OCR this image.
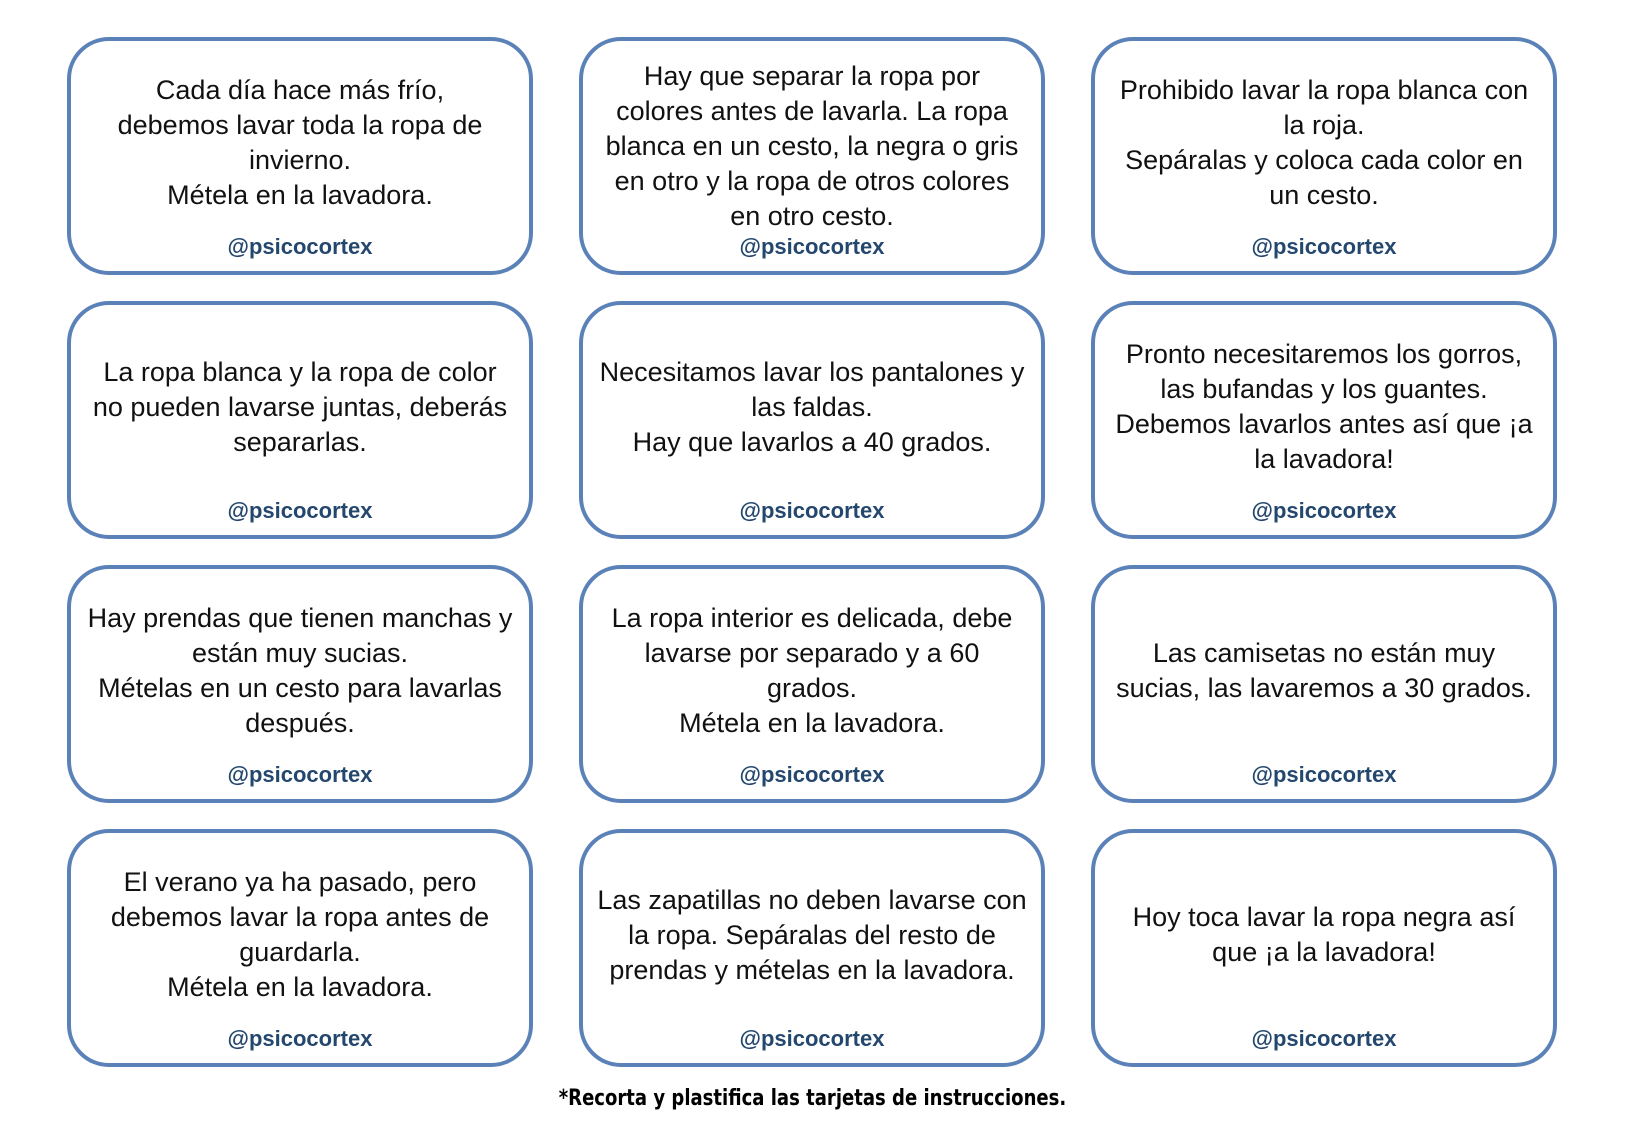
Cada día hace más frío,
debemos lavar toda la ropa de invierno.
Métela en la lavadora.
@psicocortex
Hay que separar la ropa por colores antes de lavarla. La ropa blanca en un cesto, la negra o gris en otro y la ropa de otros colores en otro cesto.
@psicocortex
Prohibido lavar la ropa blanca con la roja.
Sepáralas y coloca cada color en un cesto.
@psicocortex
La ropa blanca y la ropa de color no pueden lavarse juntas, deberás separarlas.
@psicocortex
Necesitamos lavar los pantalones y las faldas.
Hay que lavarlos a 40 grados.
@psicocortex
Pronto necesitaremos los gorros, las bufandas y los guantes.
Debemos lavarlos antes así que ¡a la lavadora!
@psicocortex
Hay prendas que tienen manchas y están muy sucias.
Mételas en un cesto para lavarlas después.
@psicocortex
La ropa interior es delicada, debe lavarse por separado y a 60 grados.
Métela en la lavadora.
@psicocortex
Las camisetas no están muy sucias, las lavaremos a 30 grados.
@psicocortex
El verano ya ha pasado, pero debemos lavar la ropa antes de guardarla.
Métela en la lavadora.
@psicocortex
Las zapatillas no deben lavarse con la ropa. Sepáralas del resto de prendas y mételas en la lavadora.
@psicocortex
Hoy toca lavar la ropa negra así que ¡a la lavadora!
@psicocortex
*Recorta y plastifica las tarjetas de instrucciones.
